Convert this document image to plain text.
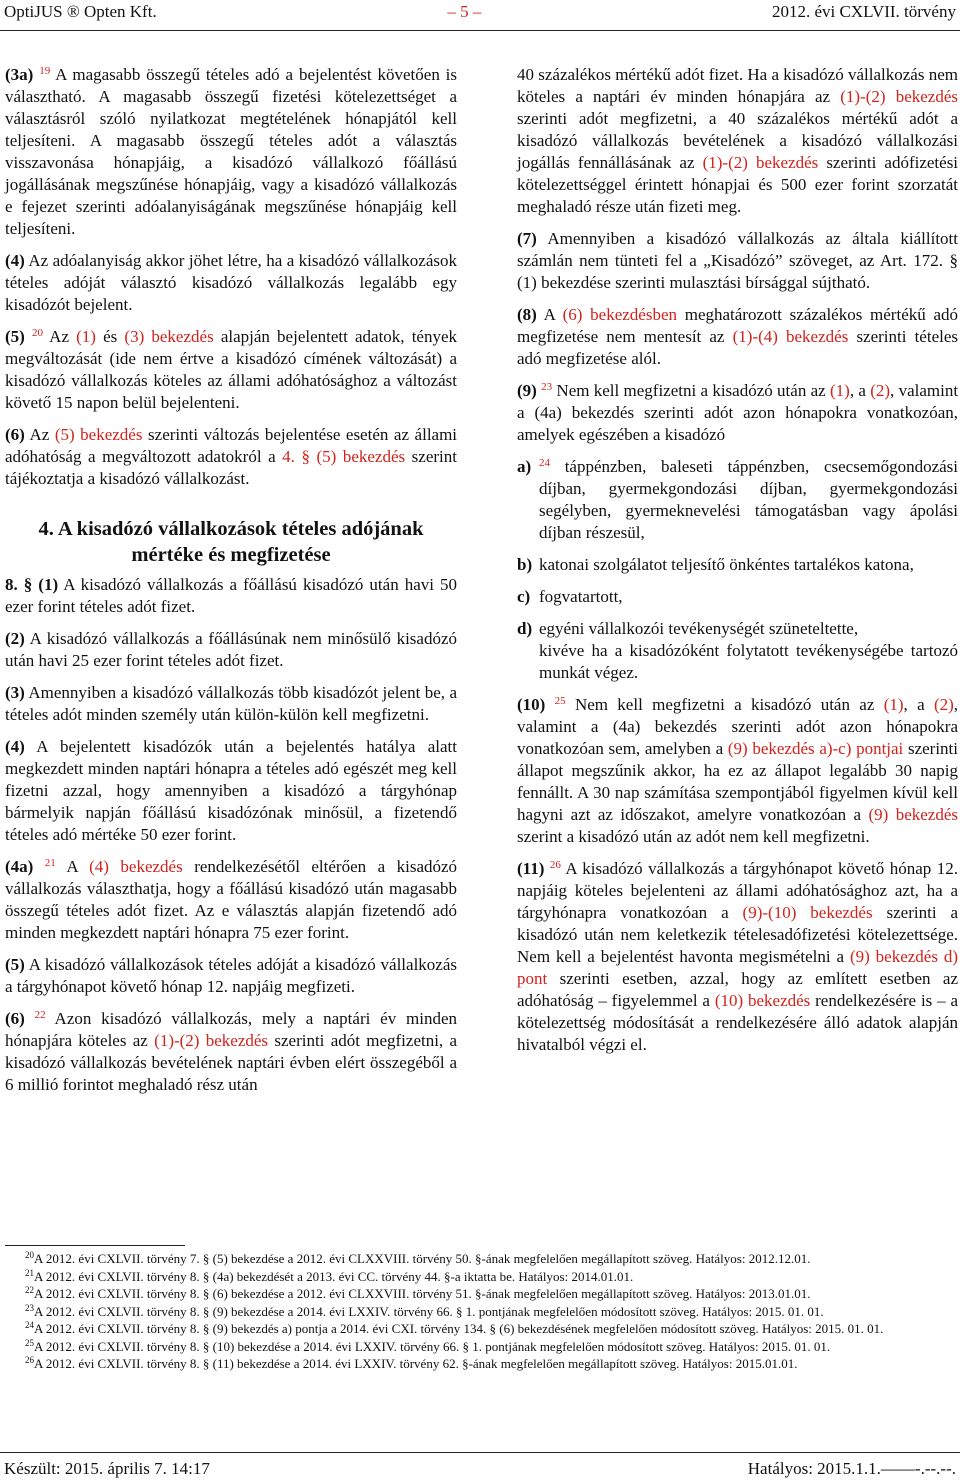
OptiJUS ® Opten Kft.	– 5 –	2012. évi CXLVII. törvény

(3a) $^{19}$ A magasabb összegű tételes adó a bejelentést követően is választható. A magasabb összegű fizetési kötelezettséget a választásról szóló nyilatkozat megtételének hónapjától kell teljesíteni. A magasabb összegű tételes adót a választás visszavonása hónapjáig, a kisadózó vállalkozó főállású jogállásának megszűnése hónapjáig, vagy a kisadózó vállalkozás e fejezet szerinti adóalanyiságának megszűnése hónapjáig kell teljesíteni.

(4) Az adóalanyiság akkor jöhet létre, ha a kisadózó vállalkozások tételes adóját választó kisadózó vállalkozás legalább egy kisadózót bejelent.

(5) $^{20}$ Az (1) és (3) bekezdés alapján bejelentett adatok, tények megváltozását (ide nem értve a kisadózó címének változását) a kisadózó vállalkozás köteles az állami adóhatósághoz a változást követő 15 napon belül bejelenteni.

(6) Az (5) bekezdés szerinti változás bejelentése esetén az állami adóhatóság a megváltozott adatokról a 4. § (5) bekezdés szerint tájékoztatja a kisadózó vállalkozást.

4. A kisadózó vállalkozások tételes adójának
mértéke és megfizetése

8. § (1) A kisadózó vállalkozás a főállású kisadózó után havi 50 ezer forint tételes adót fizet.

(2) A kisadózó vállalkozás a főállásúnak nem minősülő kisadózó után havi 25 ezer forint tételes adót fizet.

(3) Amennyiben a kisadózó vállalkozás több kisadózót jelent be, a tételes adót minden személy után külön-külön kell megfizetni.

(4) A bejelentett kisadózók után a bejelentés hatálya alatt megkezdett minden naptári hónapra a tételes adó egészét meg kell fizetni azzal, hogy amennyiben a kisadózó a tárgyhónap bármelyik napján főállású kisadózónak minősül, a fizetendő tételes adó mértéke 50 ezer forint.

(4a) $^{21}$ A (4) bekezdés rendelkezésétől eltérően a kisadózó vállalkozás választhatja, hogy a főállású kisadózó után magasabb összegű tételes adót fizet. Az e választás alapján fizetendő adó minden megkezdett naptári hónapra 75 ezer forint.

(5) A kisadózó vállalkozások tételes adóját a kisadózó vállalkozás a tárgyhónapot követő hónap 12. napjáig megfizeti.

(6) $^{22}$ Azon kisadózó vállalkozás, mely a naptári év minden hónapjára köteles az (1)-(2) bekezdés szerinti adót megfizetni, a kisadózó vállalkozás bevételének naptári évben elért összegéből a 6 millió forintot meghaladó rész után

40 százalékos mértékű adót fizet. Ha a kisadózó vállalkozás nem köteles a naptári év minden hónapjára az (1)-(2) bekezdés szerinti adót megfizetni, a 40 százalékos mértékű adót a kisadózó vállalkozás bevételének a kisadózó vállalkozási jogállás fennállásának az (1)-(2) bekezdés szerinti adófizetési kötelezettséggel érintett hónapjai és 500 ezer forint szorzatát meghaladó része után fizeti meg.

(7) Amennyiben a kisadózó vállalkozás az általa kiállított számlán nem tünteti fel a „Kisadózó” szöveget, az Art. 172. § (1) bekezdése szerinti mulasztási bírsággal sújtható.

(8) A (6) bekezdésben meghatározott százalékos mértékű adó megfizetése nem mentesít az (1)-(4) bekezdés szerinti tételes adó megfizetése alól.

(9) $^{23}$ Nem kell megfizetni a kisadózó után az (1), a (2), valamint a (4a) bekezdés szerinti adót azon hónapokra vonatkozóan, amelyek egészében a kisadózó

a) $^{24}$ táppénzben, baleseti táppénzben, csecsemőgondozási díjban, gyermekgondozási díjban, gyermekgondozási segélyben, gyermeknevelési támogatásban vagy ápolási díjban részesül,
b) katonai szolgálatot teljesítő önkéntes tartalékos katona,
c) fogvatartott,
d) egyéni vállalkozói tevékenységét szüneteltette,

kivéve ha a kisadózóként folytatott tevékenységébe tartozó munkát végez.

(10) $^{25}$ Nem kell megfizetni a kisadózó után az (1), a (2), valamint a (4a) bekezdés szerinti adót azon hónapokra vonatkozóan sem, amelyben a (9) bekezdés a)-c) pontjai szerinti állapot megszűnik akkor, ha ez az állapot legalább 30 napig fennállt. A 30 nap számítása szempontjából figyelmen kívül kell hagyni azt az időszakot, amelyre vonatkozóan a (9) bekezdés szerint a kisadózó után az adót nem kell megfizetni.

(11) $^{26}$ A kisadózó vállalkozás a tárgyhónapot követő hónap 12. napjáig köteles bejelenteni az állami adóhatósághoz azt, ha a tárgyhónapra vonatkozóan a (9)-(10) bekezdés szerinti a kisadózó után nem keletkezik tételesadófizetési kötelezettsége. Nem kell a bejelentést havonta megismételni a (9) bekezdés d) pont szerinti esetben, azzal, hogy az említett esetben az adóhatóság – figyelemmel a (10) bekezdés rendelkezésére is – a kötelezettség módosítását a rendelkezésére álló adatok alapján hivatalból végzi el.

$^{20}$A 2012. évi CXLVII. törvény 7. § (5) bekezdése a 2012. évi CLXXVIII. törvény 50. §-ának megfelelően megállapított szöveg. Hatályos: 2012.12.01.
$^{21}$A 2012. évi CXLVII. törvény 8. § (4a) bekezdését a 2013. évi CC. törvény 44. §-a iktatta be. Hatályos: 2014.01.01.
$^{22}$A 2012. évi CXLVII. törvény 8. § (6) bekezdése a 2012. évi CLXXVIII. törvény 51. §-ának megfelelően megállapított szöveg. Hatályos: 2013.01.01.
$^{23}$A 2012. évi CXLVII. törvény 8. § (9) bekezdése a 2014. évi LXXIV. törvény 66. § 1. pontjának megfelelően módosított szöveg. Hatályos: 2015. 01. 01.
$^{24}$A 2012. évi CXLVII. törvény 8. § (9) bekezdés a) pontja a 2014. évi CXI. törvény 134. § (6) bekezdésének megfelelően módosított szöveg. Hatályos: 2015. 01. 01.
$^{25}$A 2012. évi CXLVII. törvény 8. § (10) bekezdése a 2014. évi LXXIV. törvény 66. § 1. pontjának megfelelően módosított szöveg. Hatályos: 2015. 01. 01.
$^{26}$A 2012. évi CXLVII. törvény 8. § (11) bekezdése a 2014. évi LXXIV. törvény 62. §-ának megfelelően megállapított szöveg. Hatályos: 2015.01.01.
Készült: 2015. április 7. 14:17	Hatályos: 2015.1.1.——-.--.--.
